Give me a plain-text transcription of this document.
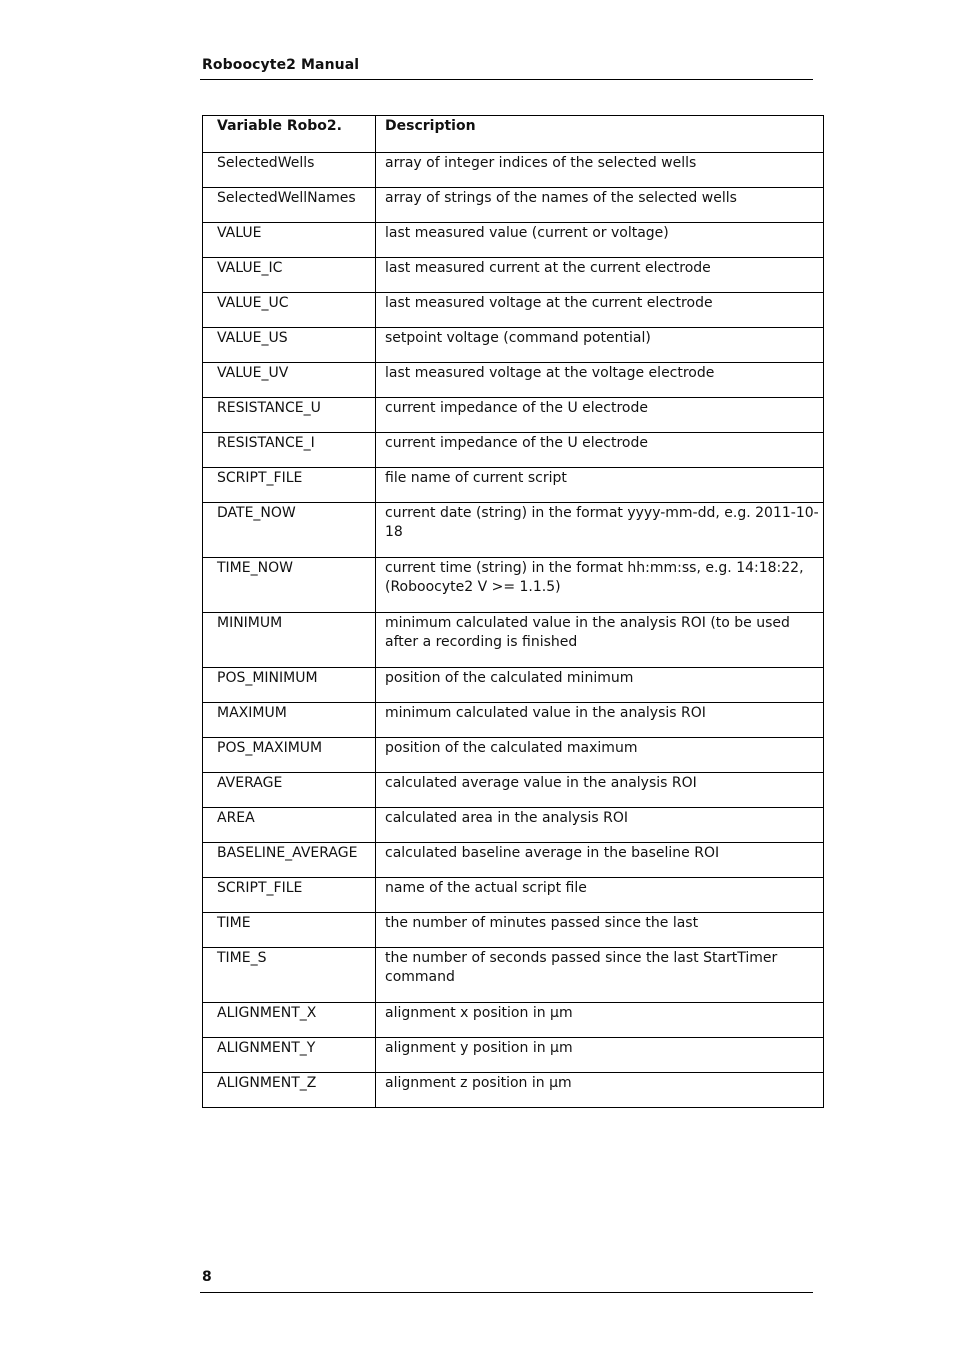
Roboocyte2 Manual
Variable Robo2.	Description
SelectedWells	array of integer indices of the selected wells
SelectedWellNames	array of strings of the names of the selected wells
VALUE	last measured value (current or voltage)
VALUE_IC	last measured current at the current electrode
VALUE_UC	last measured voltage at the current electrode
VALUE_US	setpoint voltage (command potential)
VALUE_UV	last measured voltage at the voltage electrode
RESISTANCE_U	current impedance of the U electrode
RESISTANCE_I	current impedance of the U electrode
SCRIPT_FILE	file name of current script
DATE_NOW	current date (string) in the format yyyy-mm-dd, e.g. 2011-10-18
TIME_NOW	current time (string) in the format hh:mm:ss, e.g. 14:18:22, (Roboocyte2 V >= 1.1.5)
MINIMUM	minimum calculated value in the analysis ROI (to be used after a recording is finished
POS_MINIMUM	position of the calculated minimum
MAXIMUM	minimum calculated value in the analysis ROI
POS_MAXIMUM	position of the calculated maximum
AVERAGE	calculated average value in the analysis ROI
AREA	calculated area in the analysis ROI
BASELINE_AVERAGE	calculated baseline average in the baseline ROI
SCRIPT_FILE	name of the actual script file
TIME	the number of minutes passed since the last
TIME_S	the number of seconds passed since the last StartTimer command
ALIGNMENT_X	alignment x position in µm
ALIGNMENT_Y	alignment y position in µm
ALIGNMENT_Z	alignment z position in µm
8
